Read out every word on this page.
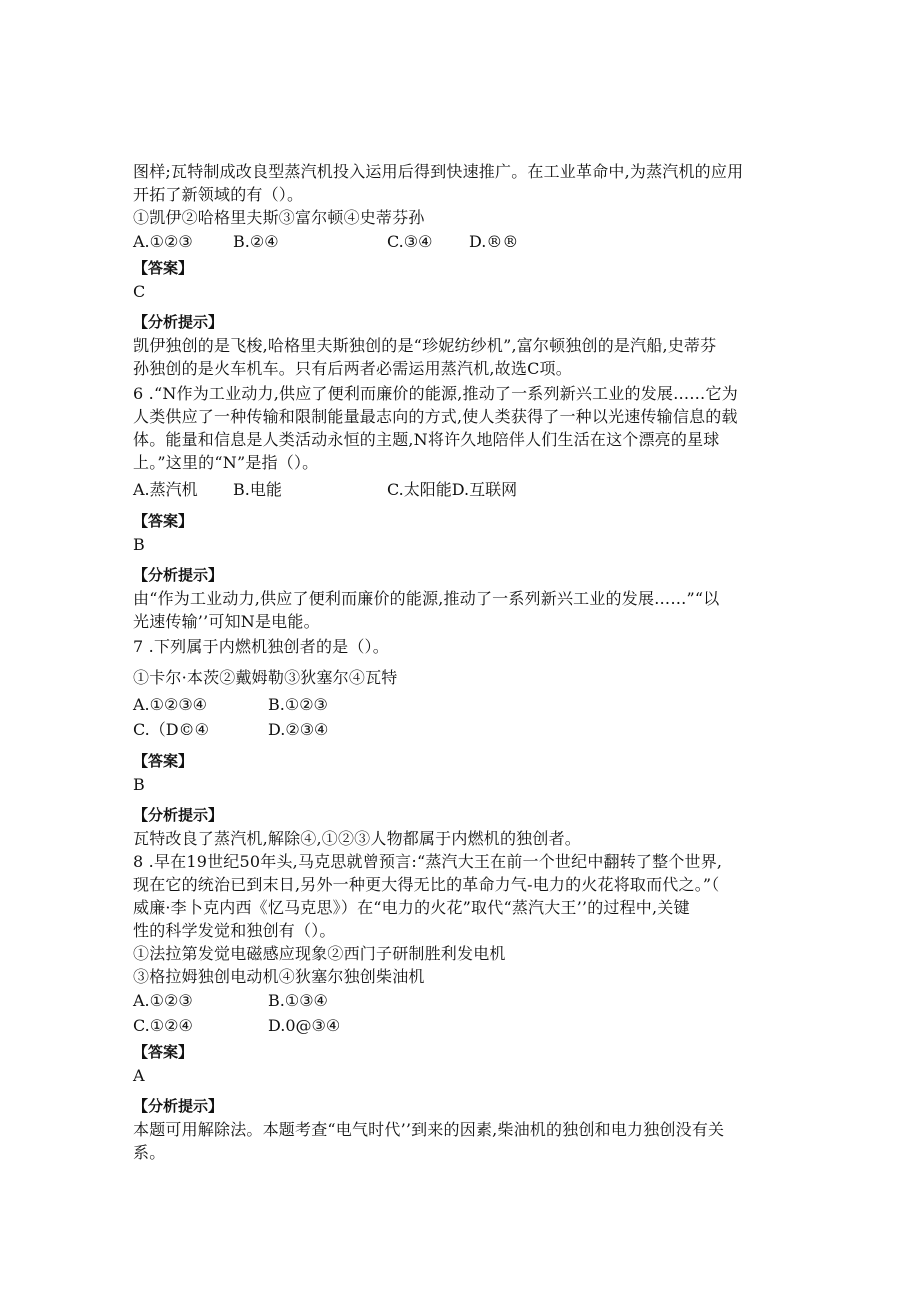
图样;瓦特制成改良型蒸汽机投入运用后得到快速推广。在工业革命中,为蒸汽机的应用
开拓了新领域的有（）。
①凯伊②哈格里夫斯③富尔顿④史蒂芬孙
A.①②③	B.②④	C.③④	D.®®
【答案】
C
【分析提示】
凯伊独创的是飞梭,哈格里夫斯独创的是“珍妮纺纱机”,富尔顿独创的是汽船,史蒂芬
孙独创的是火车机车。只有后两者必需运用蒸汽机,故选C项。
6 .“N作为工业动力,供应了便利而廉价的能源,推动了一系列新兴工业的发展……它为
人类供应了一种传输和限制能量最志向的方式,使人类获得了一种以光速传输信息的载
体。能量和信息是人类活动永恒的主题,N将许久地陪伴人们生活在这个漂亮的星球
上。”这里的“N”是指（）。
A.蒸汽机	B.电能	C.太阳能D.互联网
【答案】
B
【分析提示】
由“作为工业动力,供应了便利而廉价的能源,推动了一系列新兴工业的发展……”“以
光速传输’’可知N是电能。
7 .下列属于内燃机独创者的是（）。
①卡尔·本茨②戴姆勒③狄塞尔④瓦特
A.①②③④	B.①②③
C.（D©④	D.②③④
【答案】
B
【分析提示】
瓦特改良了蒸汽机,解除④,①②③人物都属于内燃机的独创者。
8 .早在19世纪50年头,马克思就曾预言:“蒸汽大王在前一个世纪中翻转了整个世界,
现在它的统治已到末日,另外一种更大得无比的革命力气-电力的火花将取而代之。”（
威廉·李卜克内西《忆马克思》）在“电力的火花”取代“蒸汽大王’’的过程中,关键
性的科学发觉和独创有（）。
①法拉第发觉电磁感应现象②西门子研制胜利发电机
③格拉姆独创电动机④狄塞尔独创柴油机
A.①②③	B.①③④
C.①②④	D.0@③④
【答案】
A
【分析提示】
本题可用解除法。本题考查“电气时代’’到来的因素,柴油机的独创和电力独创没有关
系。
